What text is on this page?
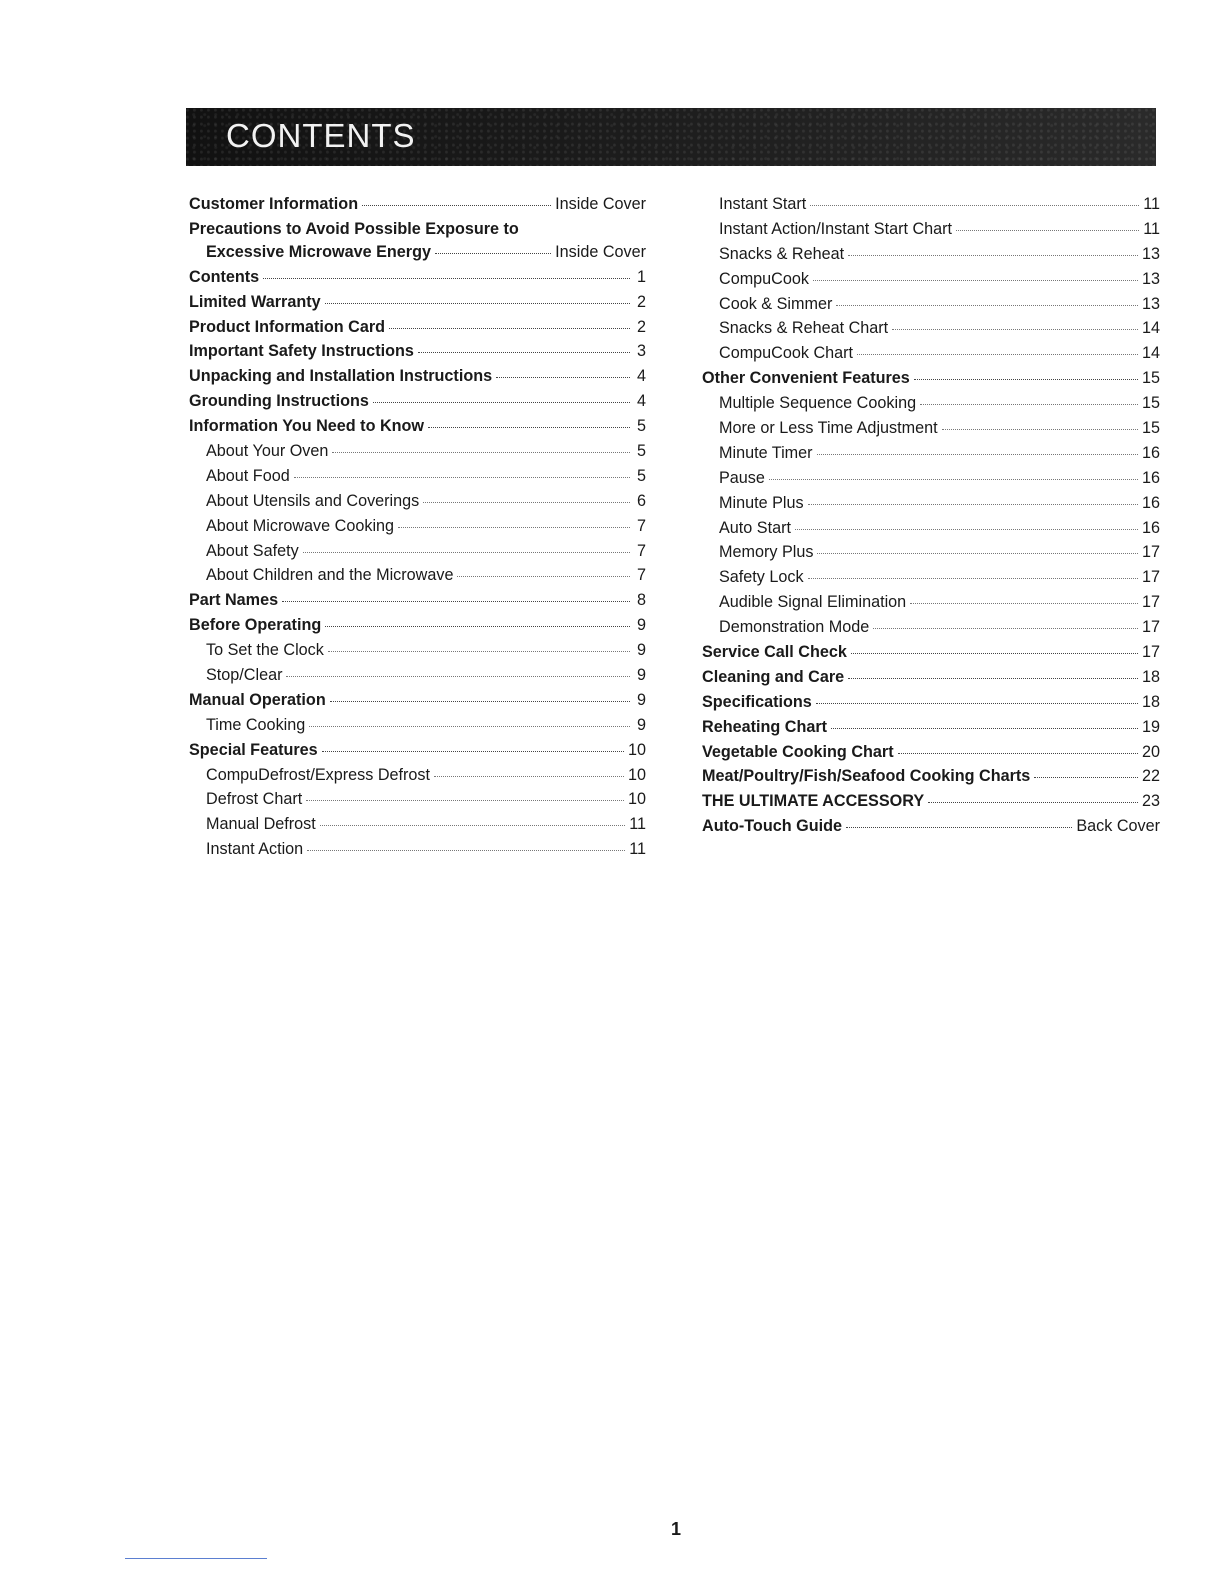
CONTENTS
Customer Information	Inside Cover
Precautions to Avoid Possible Exposure to
Excessive Microwave Energy	Inside Cover
Contents	1
Limited Warranty	2
Product Information Card	2
Important Safety Instructions	3
Unpacking and Installation Instructions	4
Grounding Instructions	4
Information You Need to Know	5
About Your Oven	5
About Food	5
About Utensils and Coverings	6
About Microwave Cooking	7
About Safety	7
About Children and the Microwave	7
Part Names	8
Before Operating	9
To Set the Clock	9
Stop/Clear	9
Manual Operation	9
Time Cooking	9
Special Features	10
CompuDefrost/Express Defrost	10
Defrost Chart	10
Manual Defrost	11
Instant Action	11
Instant Start	11
Instant Action/Instant Start Chart	11
Snacks & Reheat	13
CompuCook	13
Cook & Simmer	13
Snacks & Reheat Chart	14
CompuCook Chart	14
Other Convenient Features	15
Multiple Sequence Cooking	15
More or Less Time Adjustment	15
Minute Timer	16
Pause	16
Minute Plus	16
Auto Start	16
Memory Plus	17
Safety Lock	17
Audible Signal Elimination	17
Demonstration Mode	17
Service Call Check	17
Cleaning and Care	18
Specifications	18
Reheating Chart	19
Vegetable Cooking Chart	20
Meat/Poultry/Fish/Seafood Cooking Charts	22
THE ULTIMATE ACCESSORY	23
Auto-Touch Guide	Back Cover
1
